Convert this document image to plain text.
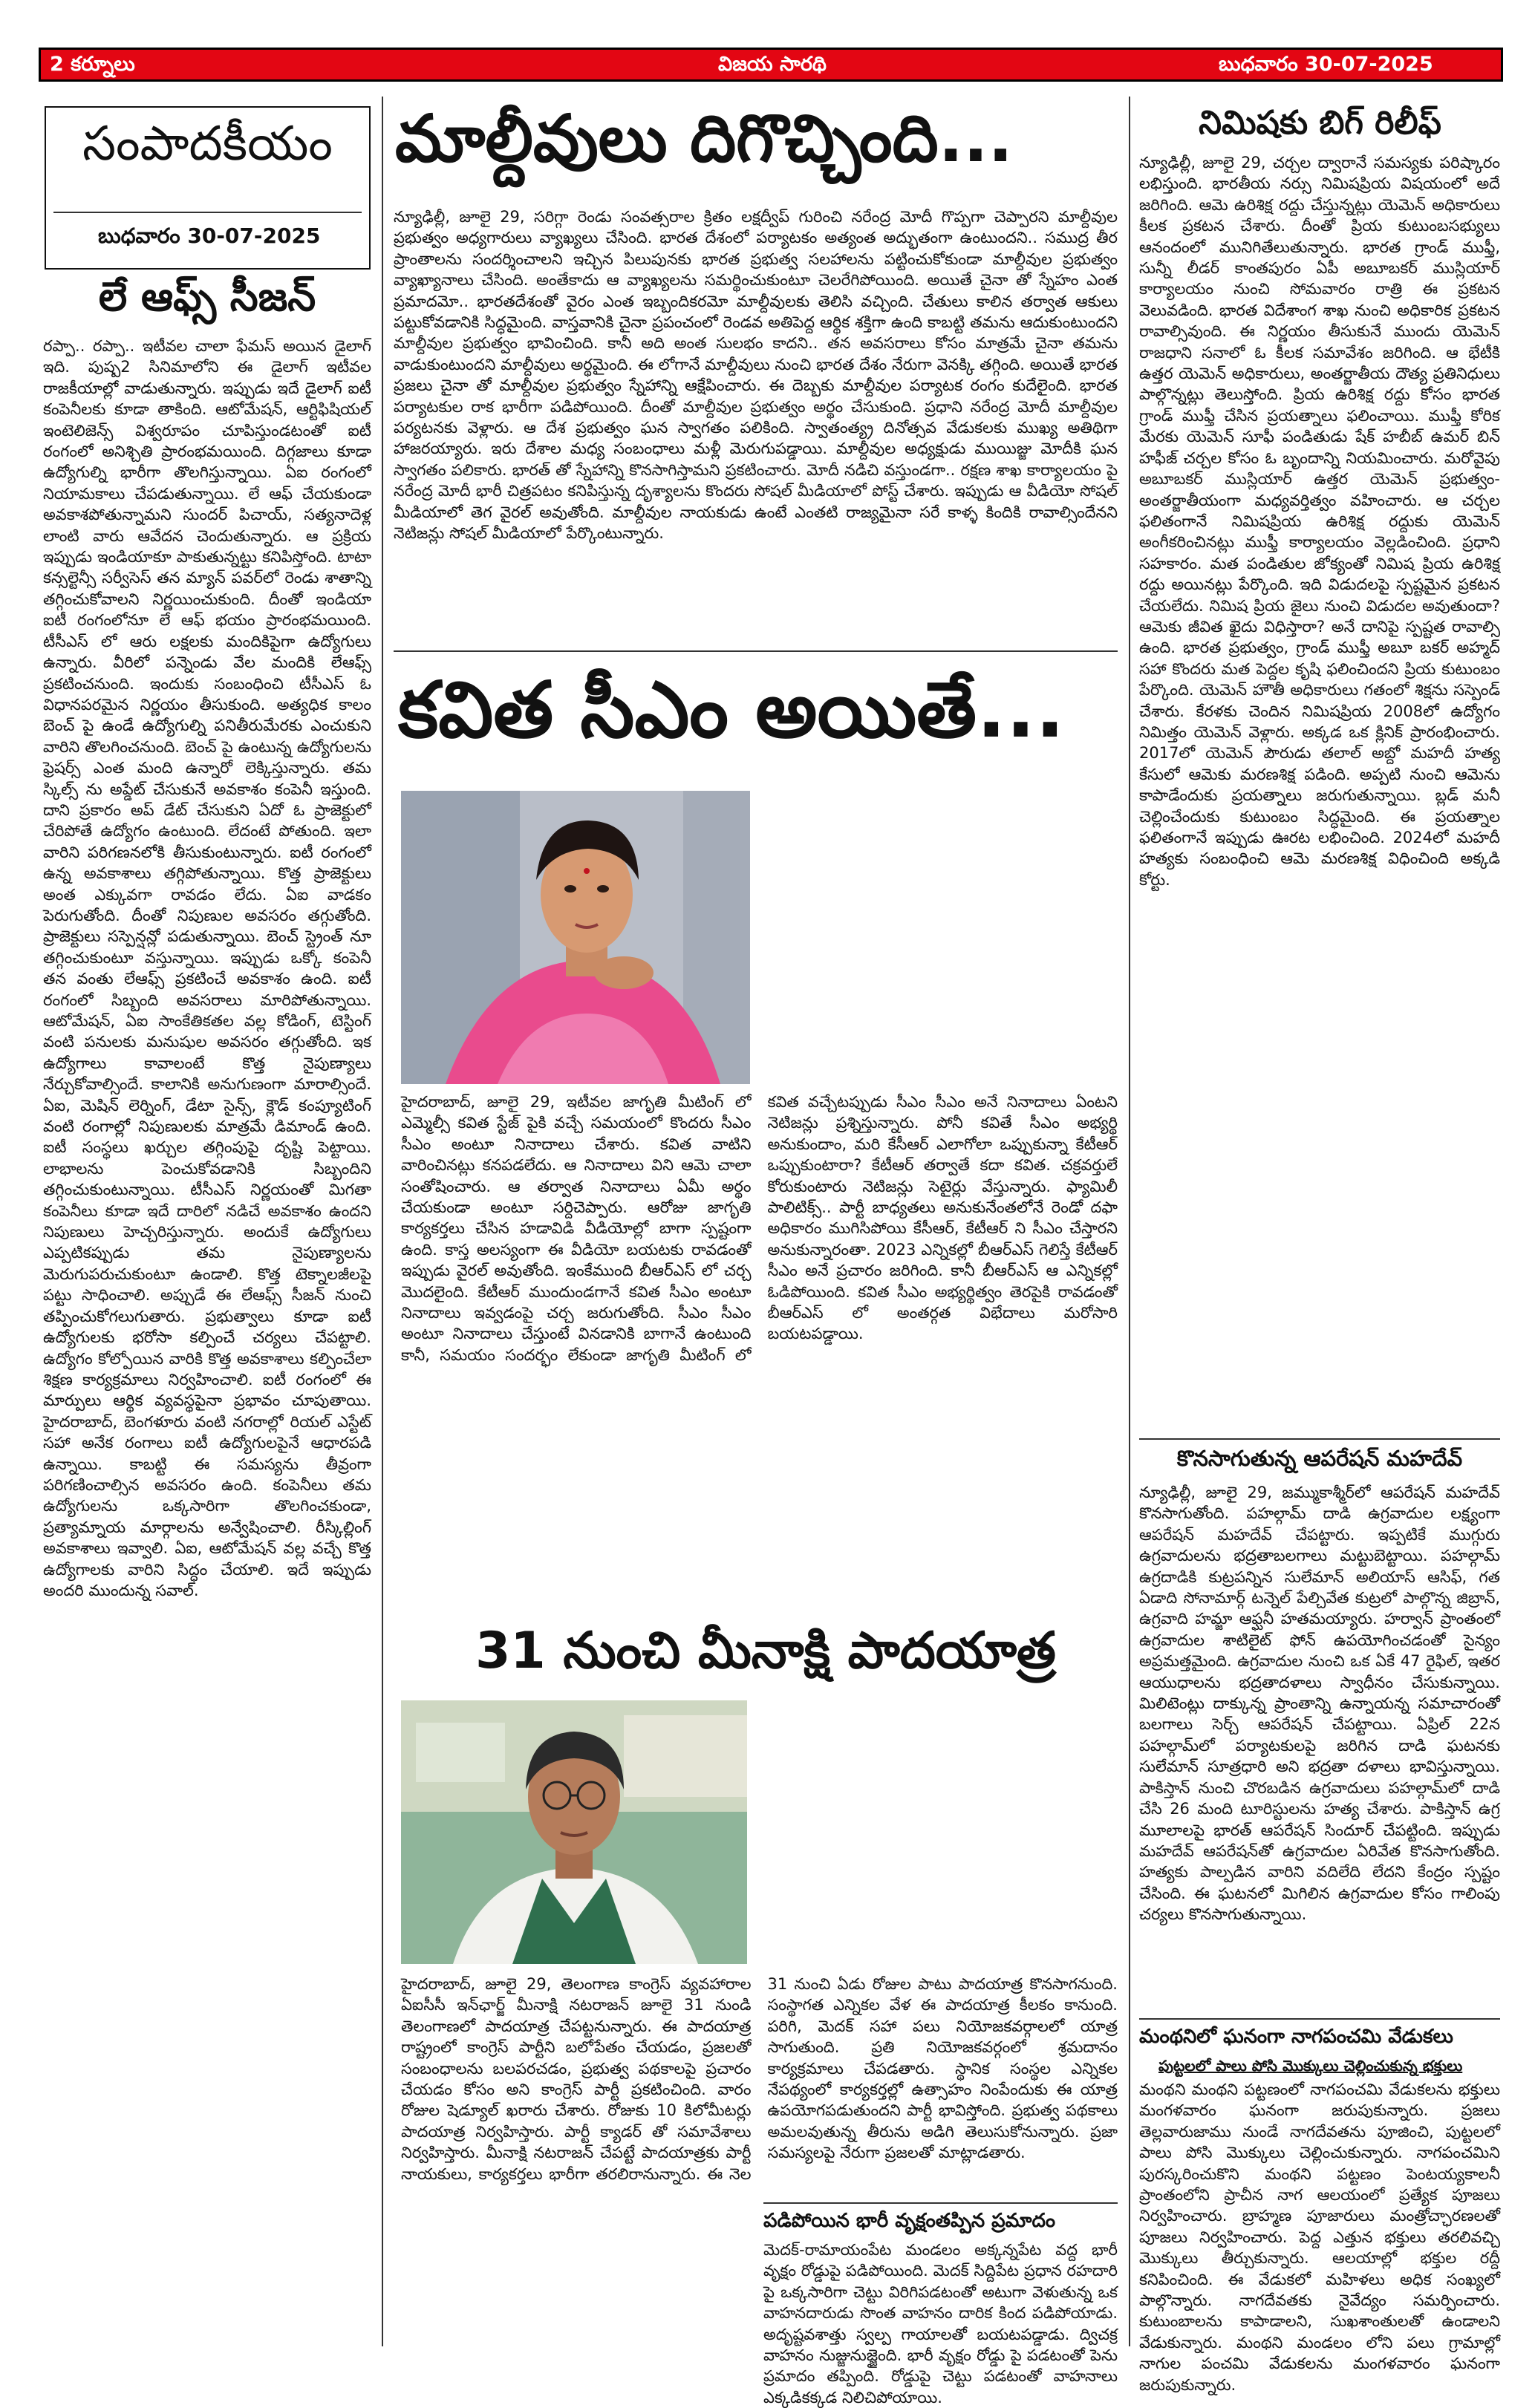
2 కర్నూలు	విజయ సారథి	బుధవారం 30-07-2025
సంపాదకీయం
బుధవారం 30-07-2025
లే ఆఫ్స్ సీజన్
రప్పా.. రప్పా.. ఇటీవల చాలా ఫేమస్ అయిన డైలాగ్ ఇది. పుష్ప2 సినిమాలోని ఈ డైలాగ్ ఇటీవల రాజకీయాల్లో వాడుతున్నారు. ఇప్పుడు ఇదే డైలాగ్ ఐటీ కంపెనీలకు కూడా తాకింది. ఆటోమేషన్, ఆర్టిఫిషియల్ ఇంటెలిజెన్స్ విశ్వరూపం చూపిస్తుండటంతో ఐటీ రంగంలో అనిశ్చితి ప్రారంభమయింది. దిగ్గజాలు కూడా ఉద్యోగుల్ని భారీగా తొలగిస్తున్నాయి. ఏఐ రంగంలో నియామకాలు చేపడుతున్నాయి. లే ఆఫ్ చేయకుండా అవకాశపోతున్నామని సుందర్ పిచాయ్, సత్యనాదెళ్ల లాంటి వారు ఆవేదన చెందుతున్నారు. ఆ ప్రక్రియ ఇప్పుడు ఇండియాకూ పాకుతున్నట్టు కనిపిస్తోంది. టాటా కన్సల్టెన్సీ సర్వీసెస్ తన మ్యాన్ పవర్‌లో రెండు శాతాన్ని తగ్గించుకోవాలని నిర్ణయించుకుంది. దీంతో ఇండియా ఐటీ రంగంలోనూ లే ఆఫ్ భయం ప్రారంభమయింది. టీసీఎస్ లో ఆరు లక్షలకు మందికిపైగా ఉద్యోగులు ఉన్నారు. వీరిలో పన్నెండు వేల మందికి లేఆఫ్స్ ప్రకటించనుంది. ఇందుకు సంబంధించి టీసీఎస్ ఓ విధానపరమైన నిర్ణయం తీసుకుంది. అత్యధిక కాలం బెంచ్ పై ఉండే ఉద్యోగుల్ని పనితీరుమేరకు ఎంచుకుని వారిని తొలగించనుంది. బెంచ్ పై ఉంటున్న ఉద్యోగులను ఫ్రెషర్స్ ఎంత మంది ఉన్నారో లెక్కిస్తున్నారు. తమ స్కిల్స్ ను అప్డేట్ చేసుకునే అవకాశం కంపెనీ ఇస్తుంది. దాని ప్రకారం అప్ డేట్ చేసుకుని ఏదో ఓ ప్రాజెక్టులో చేరిపోతే ఉద్యోగం ఉంటుంది. లేదంటే పోతుంది. ఇలా వారిని పరిగణనలోకి తీసుకుంటున్నారు. ఐటీ రంగంలో ఉన్న అవకాశాలు తగ్గిపోతున్నాయి. కొత్త ప్రాజెక్టులు అంత ఎక్కువగా రావడం లేదు. ఏఐ వాడకం పెరుగుతోంది. దీంతో నిపుణుల అవసరం తగ్గుతోంది. ప్రాజెక్టులు సస్పెన్షన్లో పడుతున్నాయి. బెంచ్ స్ట్రెంత్ నూ తగ్గించుకుంటూ వస్తున్నాయి. ఇప్పుడు ఒక్కో కంపెనీ తన వంతు లేఆఫ్స్ ప్రకటించే అవకాశం ఉంది. ఐటీ రంగంలో సిబ్బంది అవసరాలు మారిపోతున్నాయి. ఆటోమేషన్, ఏఐ సాంకేతికతల వల్ల కోడింగ్, టెస్టింగ్ వంటి పనులకు మనుషుల అవసరం తగ్గుతోంది. ఇక ఉద్యోగాలు కావాలంటే కొత్త నైపుణ్యాలు నేర్చుకోవాల్సిందే. కాలానికి అనుగుణంగా మారాల్సిందే. ఏఐ, మెషిన్ లెర్నింగ్, డేటా సైన్స్, క్లౌడ్ కంప్యూటింగ్ వంటి రంగాల్లో నిపుణులకు మాత్రమే డిమాండ్ ఉంది. ఐటీ సంస్థలు ఖర్చుల తగ్గింపుపై దృష్టి పెట్టాయి. లాభాలను పెంచుకోవడానికి సిబ్బందిని తగ్గించుకుంటున్నాయి. టీసీఎస్ నిర్ణయంతో మిగతా కంపెనీలు కూడా ఇదే దారిలో నడిచే అవకాశం ఉందని నిపుణులు హెచ్చరిస్తున్నారు. అందుకే ఉద్యోగులు ఎప్పటికప్పుడు తమ నైపుణ్యాలను మెరుగుపరుచుకుంటూ ఉండాలి. కొత్త టెక్నాలజీలపై పట్టు సాధించాలి. అప్పుడే ఈ లేఆఫ్స్ సీజన్ నుంచి తప్పించుకోగలుగుతారు. ప్రభుత్వాలు కూడా ఐటీ ఉద్యోగులకు భరోసా కల్పించే చర్యలు చేపట్టాలి. ఉద్యోగం కోల్పోయిన వారికి కొత్త అవకాశాలు కల్పించేలా శిక్షణ కార్యక్రమాలు నిర్వహించాలి. ఐటీ రంగంలో ఈ మార్పులు ఆర్థిక వ్యవస్థపైనా ప్రభావం చూపుతాయి. హైదరాబాద్, బెంగళూరు వంటి నగరాల్లో రియల్ ఎస్టేట్ సహా అనేక రంగాలు ఐటీ ఉద్యోగులపైనే ఆధారపడి ఉన్నాయి. కాబట్టి ఈ సమస్యను తీవ్రంగా పరిగణించాల్సిన అవసరం ఉంది. కంపెనీలు తమ ఉద్యోగులను ఒక్కసారిగా తొలగించకుండా, ప్రత్యామ్నాయ మార్గాలను అన్వేషించాలి. రీస్కిల్లింగ్ అవకాశాలు ఇవ్వాలి. ఏఐ, ఆటోమేషన్ వల్ల వచ్చే కొత్త ఉద్యోగాలకు వారిని సిద్ధం చేయాలి. ఇదే ఇప్పుడు అందరి ముందున్న సవాల్.
మాల్దీవులు దిగొచ్చింది...
న్యూఢిల్లీ, జూలై 29, సరిగ్గా రెండు సంవత్సరాల క్రితం లక్షద్వీప్ గురించి నరేంద్ర మోదీ గొప్పగా చెప్పారని మాల్దీవుల ప్రభుత్వం అధ్యగారులు వ్యాఖ్యలు చేసింది. భారత దేశంలో పర్యాటకం అత్యంత అద్భుతంగా ఉంటుందని.. సముద్ర తీర ప్రాంతాలను సందర్శించాలని ఇచ్చిన పిలుపునకు భారత ప్రభుత్వ సలహాలను పట్టించుకోకుండా మాల్దీవుల ప్రభుత్వం వ్యాఖ్యానాలు చేసింది. అంతేకాదు ఆ వ్యాఖ్యలను సమర్థించుకుంటూ చెలరేగిపోయింది. అయితే చైనా తో స్నేహం ఎంత ప్రమాదమో.. భారతదేశంతో వైరం ఎంత ఇబ్బందికరమో మాల్దీవులకు తెలిసి వచ్చింది. చేతులు కాలిన తర్వాత ఆకులు పట్టుకోవడానికి సిద్ధమైంది. వాస్తవానికి చైనా ప్రపంచంలో రెండవ అతిపెద్ద ఆర్థిక శక్తిగా ఉంది కాబట్టి తమను ఆదుకుంటుందని మాల్దీవుల ప్రభుత్వం భావించింది. కానీ అది అంత సులభం కాదని.. తన అవసరాలు కోసం మాత్రమే చైనా తమను వాడుకుంటుందని మాల్దీవులు అర్థమైంది. ఈ లోగానే మాల్దీవులు నుంచి భారత దేశం నేరుగా వెనక్కి తగ్గింది. అయితే భారత ప్రజలు చైనా తో మాల్దీవుల ప్రభుత్వం స్నేహాన్ని ఆక్షేపించారు. ఈ దెబ్బకు మాల్దీవుల పర్యాటక రంగం కుదేలైంది. భారత పర్యాటకుల రాక భారీగా పడిపోయింది. దీంతో మాల్దీవుల ప్రభుత్వం అర్థం చేసుకుంది. ప్రధాని నరేంద్ర మోదీ మాల్దీవుల పర్యటనకు వెళ్లారు. ఆ దేశ ప్రభుత్వం ఘన స్వాగతం పలికింది. స్వాతంత్య్ర దినోత్సవ వేడుకలకు ముఖ్య అతిథిగా హాజరయ్యారు. ఇరు దేశాల మధ్య సంబంధాలు మళ్లీ మెరుగుపడ్డాయి. మాల్దీవుల అధ్యక్షుడు ముయిజ్జు మోదీకి ఘన స్వాగతం పలికారు. భారత్ తో స్నేహాన్ని కొనసాగిస్తామని ప్రకటించారు. మోదీ నడిచి వస్తుండగా.. రక్షణ శాఖ కార్యాలయం పై నరేంద్ర మోదీ భారీ చిత్రపటం కనిపిస్తున్న దృశ్యాలను కొందరు సోషల్ మీడియాలో పోస్ట్ చేశారు. ఇప్పుడు ఆ వీడియో సోషల్ మీడియాలో తెగ వైరల్ అవుతోంది. మాల్దీవుల నాయకుడు ఉంటే ఎంతటి రాజ్యమైనా సరే కాళ్ళ కిందికి రావాల్సిందేనని నెటిజన్లు సోషల్ మీడియాలో పేర్కొంటున్నారు.
నిమిషకు బిగ్ రిలీఫ్
న్యూఢిల్లీ, జూలై 29, చర్చల ద్వారానే సమస్యకు పరిష్కారం లభిస్తుంది. భారతీయ నర్సు నిమిషప్రియ విషయంలో అదే జరిగింది. ఆమె ఉరిశిక్ష రద్దు చేస్తున్నట్లు యెమెన్ అధికారులు కీలక ప్రకటన చేశారు. దీంతో ప్రియ కుటుంబసభ్యులు ఆనందంలో మునిగితేలుతున్నారు. భారత గ్రాండ్ ముఫ్తీ, సున్నీ లీడర్ కాంతపురం ఏపీ అబూబకర్ ముస్లియార్ కార్యాలయం నుంచి సోమవారం రాత్రి ఈ ప్రకటన వెలువడింది. భారత విదేశాంగ శాఖ నుంచి అధికారిక ప్రకటన రావాల్సివుంది. ఈ నిర్ణయం తీసుకునే ముందు యెమెన్ రాజధాని సనాలో ఓ కీలక సమావేశం జరిగింది. ఆ భేటీకి ఉత్తర యెమెన్ అధికారులు, అంతర్జాతీయ దౌత్య ప్రతినిధులు పాల్గొన్నట్లు తెలుస్తోంది. ప్రియ ఉరిశిక్ష రద్దు కోసం భారత గ్రాండ్ ముఫ్తీ చేసిన ప్రయత్నాలు ఫలించాయి. ముఫ్తీ కోరిక మేరకు యెమెన్ సూఫీ పండితుడు షేక్ హబీబ్ ఉమర్ బిన్ హఫీజ్ చర్చల కోసం ఓ బృందాన్ని నియమించారు. మరోవైపు అబూబకర్ ముస్లియార్ ఉత్తర యెమెన్ ప్రభుత్వం-అంతర్జాతీయంగా మధ్యవర్తిత్వం వహించారు. ఆ చర్చల ఫలితంగానే నిమిషప్రియ ఉరిశిక్ష రద్దుకు యెమెన్ అంగీకరించినట్లు ముఫ్తీ కార్యాలయం వెల్లడించింది. ప్రధాని సహకారం. మత పండితుల జోక్యంతో నిమిష ప్రియ ఉరిశిక్ష రద్దు అయినట్లు పేర్కొంది. ఇది విడుదలపై స్పష్టమైన ప్రకటన చేయలేదు. నిమిష ప్రియ జైలు నుంచి విడుదల అవుతుందా? ఆమెకు జీవిత ఖైదు విధిస్తారా? అనే దానిపై స్పష్టత రావాల్సి ఉంది. భారత ప్రభుత్వం, గ్రాండ్ ముఫ్తీ అబూ బకర్ అహ్మద్ సహా కొందరు మత పెద్దల కృషి ఫలించిందని ప్రియ కుటుంబం పేర్కొంది. యెమెన్ హౌతీ అధికారులు గతంలో శిక్షను సస్పెండ్ చేశారు. కేరళకు చెందిన నిమిషప్రియ 2008లో ఉద్యోగం నిమిత్తం యెమెన్ వెళ్లారు. అక్కడ ఒక క్లినిక్ ప్రారంభించారు. 2017లో యెమెన్ పౌరుడు తలాల్ అబ్దో మహదీ హత్య కేసులో ఆమెకు మరణశిక్ష పడింది. అప్పటి నుంచి ఆమెను కాపాడేందుకు ప్రయత్నాలు జరుగుతున్నాయి. బ్లడ్ మనీ చెల్లించేందుకు కుటుంబం సిద్ధమైంది. ఈ ప్రయత్నాల ఫలితంగానే ఇప్పుడు ఊరట లభించింది. 2024లో మహదీ హత్యకు సంబంధించి ఆమె మరణశిక్ష విధించింది అక్కడి కోర్టు.
కొనసాగుతున్న ఆపరేషన్ మహదేవ్
న్యూఢిల్లీ, జూలై 29, జమ్ముకాశ్మీర్‌లో ఆపరేషన్ మహదేవ్ కొనసాగుతోంది. పహల్గామ్ దాడి ఉగ్రవాదుల లక్ష్యంగా ఆపరేషన్ మహదేవ్ చేపట్టారు. ఇప్పటికే ముగ్గురు ఉగ్రవాదులను భద్రతాబలగాలు మట్టుబెట్టాయి. పహల్గామ్ ఉగ్రదాడికి కుట్రపన్నిన సులేమాన్ అలియాస్ ఆసిఫ్, గత ఏడాది సోనామార్గ్ టన్నెల్ పేల్చివేత కుట్రలో పాల్గొన్న జిబ్రాన్, ఉగ్రవాది హమ్జా ఆఫ్ఘనీ హతమయ్యారు. హర్వాన్ ప్రాంతంలో ఉగ్రవాదుల శాటిలైట్ ఫోన్ ఉపయోగించడంతో సైన్యం అప్రమత్తమైంది. ఉగ్రవాదుల నుంచి ఒక ఏకే 47 రైఫిల్, ఇతర ఆయుధాలను భద్రతాదళాలు స్వాధీనం చేసుకున్నాయి. మిలిటెంట్లు దాక్కున్న ప్రాంతాన్ని ఉన్నాయన్న సమాచారంతో బలగాలు సెర్చ్ ఆపరేషన్ చేపట్టాయి. ఏప్రిల్ 22న పహల్గామ్‌లో పర్యాటకులపై జరిగిన దాడి ఘటనకు సులేమాన్ సూత్రధారి అని భద్రతా దళాలు భావిస్తున్నాయి. పాకిస్తాన్ నుంచి చొరబడిన ఉగ్రవాదులు పహల్గామ్‌లో దాడి చేసి 26 మంది టూరిస్టులను హత్య చేశారు. పాకిస్తాన్ ఉగ్ర మూలాలపై భారత్ ఆపరేషన్ సిందూర్ చేపట్టింది. ఇప్పుడు మహదేవ్ ఆపరేషన్‌తో ఉగ్రవాదుల ఏరివేత కొనసాగుతోంది. హత్యకు పాల్పడిన వారిని వదిలేది లేదని కేంద్రం స్పష్టం చేసింది. ఈ ఘటనలో మిగిలిన ఉగ్రవాదుల కోసం గాలింపు చర్యలు కొనసాగుతున్నాయి.
మంథనిలో ఘనంగా నాగపంచమి వేడుకలు
పుట్టలలో పాలు పోసి మొక్కులు చెల్లించుకున్న భక్తులు
మంథని మంథని పట్టణంలో నాగపంచమి వేడుకలను భక్తులు మంగళవారం ఘనంగా జరుపుకున్నారు. ప్రజలు తెల్లవారుజాము నుండే నాగదేవతను పూజించి, పుట్టలలో పాలు పోసి మొక్కులు చెల్లించుకున్నారు. నాగపంచమిని పురస్కరించుకొని మంథని పట్టణం పెంటయ్యకాలనీ ప్రాంతంలోని ప్రాచీన నాగ ఆలయంలో ప్రత్యేక పూజలు నిర్వహించారు. బ్రాహ్మణ పూజారులు మంత్రోచ్ఛారణలతో పూజలు నిర్వహించారు. పెద్ద ఎత్తున భక్తులు తరలివచ్చి మొక్కులు తీర్చుకున్నారు. ఆలయాల్లో భక్తుల రద్దీ కనిపించింది. ఈ వేడుకలో మహిళలు అధిక సంఖ్యలో పాల్గొన్నారు. నాగదేవతకు నైవేద్యం సమర్పించారు. కుటుంబాలను కాపాడాలని, సుఖశాంతులతో ఉండాలని వేడుకున్నారు. మంథని మండలం లోని పలు గ్రామాల్లో నాగుల పంచమి వేడుకలను మంగళవారం ఘనంగా జరుపుకున్నారు.
కవిత సీఎం అయితే...
హైదరాబాద్, జూలై 29, ఇటీవల జాగృతి మీటింగ్ లో ఎమ్మెల్సీ కవిత స్టేజ్ పైకి వచ్చే సమయంలో కొందరు సీఎం సీఎం అంటూ నినాదాలు చేశారు. కవిత వాటిని వారించినట్లు కనపడలేదు. ఆ నినాదాలు విని ఆమె చాలా సంతోషించారు. ఆ తర్వాత నినాదాలు ఏమీ అర్థం చేయకుండా అంటూ సర్దిచెప్పారు. ఆరోజు జాగృతి కార్యకర్తలు చేసిన హడావిడి వీడియోల్లో బాగా స్పష్టంగా ఉంది. కాస్త అలస్యంగా ఈ వీడియో బయటకు రావడంతో ఇప్పుడు వైరల్ అవుతోంది. ఇంకేముంది బీఆర్ఎస్ లో చర్చ మొదలైంది. కేటీఆర్ ముందుండగానే కవిత సీఎం అంటూ నినాదాలు ఇవ్వడంపై చర్చ జరుగుతోంది. సీఎం సీఎం అంటూ నినాదాలు చేస్తుంటే వినడానికి బాగానే ఉంటుంది కానీ, సమయం సందర్భం లేకుండా జాగృతి మీటింగ్ లో కవిత వచ్చేటప్పుడు సీఎం సీఎం అనే నినాదాలు ఏంటని నెటిజన్లు ప్రశ్నిస్తున్నారు. పోనీ కవితే సీఎం అభ్యర్థి అనుకుందాం, మరి కేసీఆర్ ఎలాగోలా ఒప్పుకున్నా కేటీఆర్ ఒప్పుకుంటారా? కేటీఆర్ తర్వాతే కదా కవిత. చక్రవర్తులే కోరుకుంటారు నెటిజన్లు సెటైర్లు వేస్తున్నారు. ఫ్యామిలీ పాలిటిక్స్.. పార్టీ బాధ్యతలు అనుకునేంతలోనే రెండో దఫా అధికారం ముగిసిపోయి కేసీఆర్, కేటీఆర్ ని సీఎం చేస్తారని అనుకున్నారంతా. 2023 ఎన్నికల్లో బీఆర్ఎస్ గెలిస్తే కేటీఆర్ సీఎం అనే ప్రచారం జరిగింది. కానీ బీఆర్ఎస్ ఆ ఎన్నికల్లో ఓడిపోయింది. కవిత సీఎం అభ్యర్థిత్వం తెరపైకి రావడంతో బీఆర్ఎస్ లో అంతర్గత విభేదాలు మరోసారి బయటపడ్డాయి.
31 నుంచి మీనాక్షి పాదయాత్ర
హైదరాబాద్, జూలై 29, తెలంగాణ కాంగ్రెస్ వ్యవహారాల ఏఐసీసీ ఇన్‌ఛార్జ్ మీనాక్షి నటరాజన్ జూలై 31 నుండి తెలంగాణలో పాదయాత్ర చేపట్టనున్నారు. ఈ పాదయాత్ర రాష్ట్రంలో కాంగ్రెస్ పార్టీని బలోపేతం చేయడం, ప్రజలతో సంబంధాలను బలపరచడం, ప్రభుత్వ పథకాలపై ప్రచారం చేయడం కోసం అని కాంగ్రెస్ పార్టీ ప్రకటించింది. వారం రోజుల షెడ్యూల్ ఖరారు చేశారు. రోజుకు 10 కిలోమీటర్లు పాదయాత్ర నిర్వహిస్తారు. పార్టీ క్యాడర్ తో సమావేశాలు నిర్వహిస్తారు. మీనాక్షి నటరాజన్ చేపట్టే పాదయాత్రకు పార్టీ నాయకులు, కార్యకర్తలు భారీగా తరలిరానున్నారు. ఈ నెల 31 నుంచి ఏడు రోజుల పాటు పాదయాత్ర కొనసాగనుంది. సంస్థాగత ఎన్నికల వేళ ఈ పాదయాత్ర కీలకం కానుంది. పరిగి, మెదక్ సహా పలు నియోజకవర్గాలలో యాత్ర సాగుతుంది. ప్రతి నియోజకవర్గంలో శ్రమదానం కార్యక్రమాలు చేపడతారు. స్థానిక సంస్థల ఎన్నికల నేపథ్యంలో కార్యకర్తల్లో ఉత్సాహం నింపేందుకు ఈ యాత్ర ఉపయోగపడుతుందని పార్టీ భావిస్తోంది. ప్రభుత్వ పథకాలు అమలవుతున్న తీరును అడిగి తెలుసుకోనున్నారు. ప్రజా సమస్యలపై నేరుగా ప్రజలతో మాట్లాడతారు.
పడిపోయిన భారీ వృక్షంతప్పిన ప్రమాదం
మెదక్-రామాయంపేట మండలం అక్కన్నపేట వద్ద భారీ వృక్షం రోడ్డుపై పడిపోయింది. మెదక్ సిద్దిపేట ప్రధాన రహదారి పై ఒక్కసారిగా చెట్టు విరిగిపడటంతో అటుగా వెళుతున్న ఒక వాహనదారుడు సొంత వాహనం దారిక కింద పడిపోయాడు. అదృష్టవశాత్తు స్వల్ప గాయాలతో బయటపడ్డాడు. ద్విచక్ర వాహనం నుజ్జునుజ్జైంది. భారీ వృక్షం రోడ్డు పై పడటంతో పెను ప్రమాదం తప్పింది. రోడ్డుపై చెట్టు పడటంతో వాహనాలు ఎక్కడికక్కడ నిలిచిపోయాయి.
